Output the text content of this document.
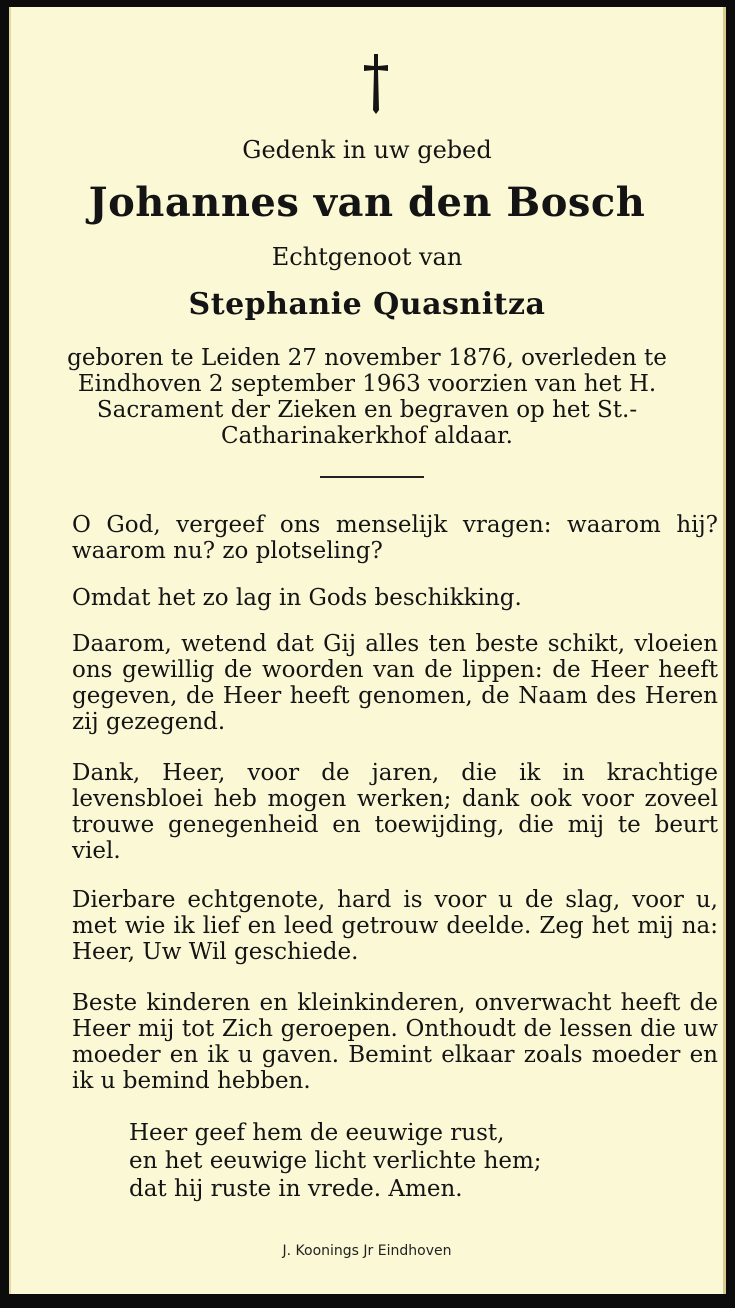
Gedenk in uw gebed
Johannes van den Bosch
Echtgenoot van
Stephanie Quasnitza
geboren te Leiden 27 november 1876, overleden te Eindhoven 2 september 1963 voorzien van het H. Sacrament der Zieken en begraven op het St.-Catharinakerkhof aldaar.
O God, vergeef ons menselijk vragen: waarom hij? waarom nu? zo plotseling?
Omdat het zo lag in Gods beschikking.
Daarom, wetend dat Gij alles ten beste schikt, vloeien ons gewillig de woorden van de lippen: de Heer heeft gegeven, de Heer heeft genomen, de Naam des Heren zij gezegend.
Dank, Heer, voor de jaren, die ik in krachtige levensbloei heb mogen werken; dank ook voor zoveel trouwe genegenheid en toewijding, die mij te beurt viel.
Dierbare echtgenote, hard is voor u de slag, voor u, met wie ik lief en leed getrouw deelde. Zeg het mij na: Heer, Uw Wil geschiede.
Beste kinderen en kleinkinderen, onverwacht heeft de Heer mij tot Zich geroepen. Onthoudt de lessen die uw moeder en ik u gaven. Bemint elkaar zoals moeder en ik u bemind hebben.
Heer geef hem de eeuwige rust,
en het eeuwige licht verlichte hem;
dat hij ruste in vrede. Amen.
J. Koonings Jr Eindhoven
